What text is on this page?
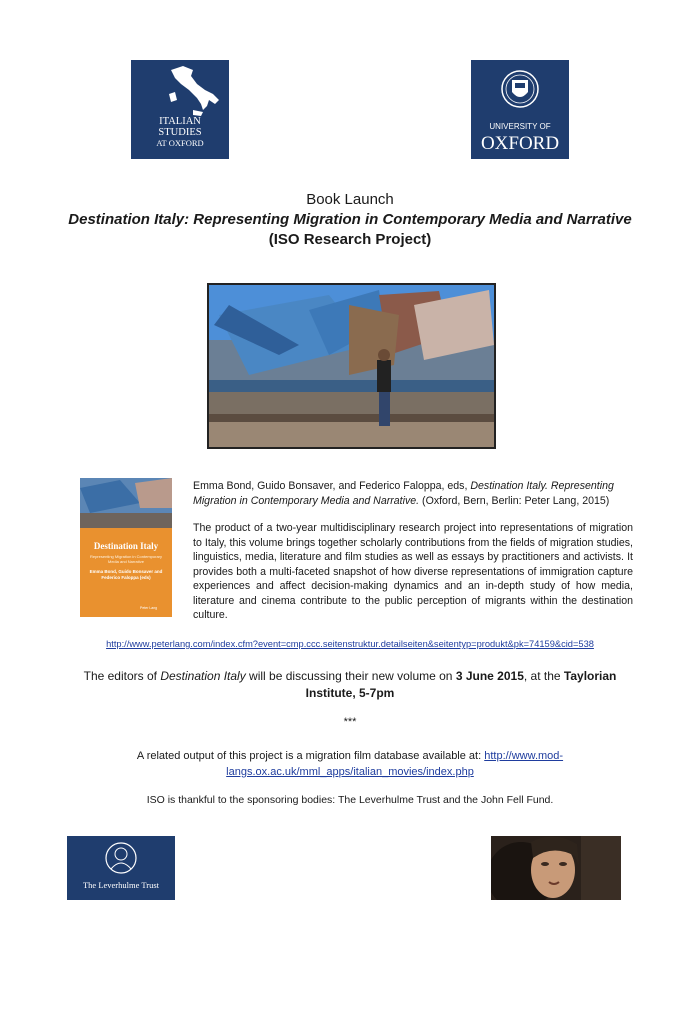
ITALIAN
STUDIES
AT OXFORD
UNIVERSITY OF
OXFORD
Book Launch
Destination Italy: Representing Migration in Contemporary Media and Narrative
(ISO Research Project)
Destination Italy
Representing Migration in Contemporary Media and Narrative
Emma Bond, Guido Bonsaver and Federico Faloppa (eds)
Peter Lang
Emma Bond, Guido Bonsaver, and Federico Faloppa, eds, Destination Italy. Representing Migration in Contemporary Media and Narrative. (Oxford, Bern, Berlin: Peter Lang, 2015)
The product of a two-year multidisciplinary research project into representations of migration to Italy, this volume brings together scholarly contributions from the fields of migration studies, linguistics, media, literature and film studies as well as essays by practitioners and activists. It provides both a multi-faceted snapshot of how diverse representations of immigration capture experiences and affect decision-making dynamics and an in-depth study of how media, literature and cinema contribute to the public perception of migrants within the destination culture.
http://www.peterlang.com/index.cfm?event=cmp.ccc.seitenstruktur.detailseiten&seitentyp=produkt&pk=74159&cid=538
The editors of Destination Italy will be discussing their new volume on 3 June 2015, at the Taylorian Institute, 5-7pm
***
A related output of this project is a migration film database available at: http://www.mod-langs.ox.ac.uk/mml_apps/italian_movies/index.php
ISO is thankful to the sponsoring bodies: The Leverhulme Trust and the John Fell Fund.
The Leverhulme Trust
